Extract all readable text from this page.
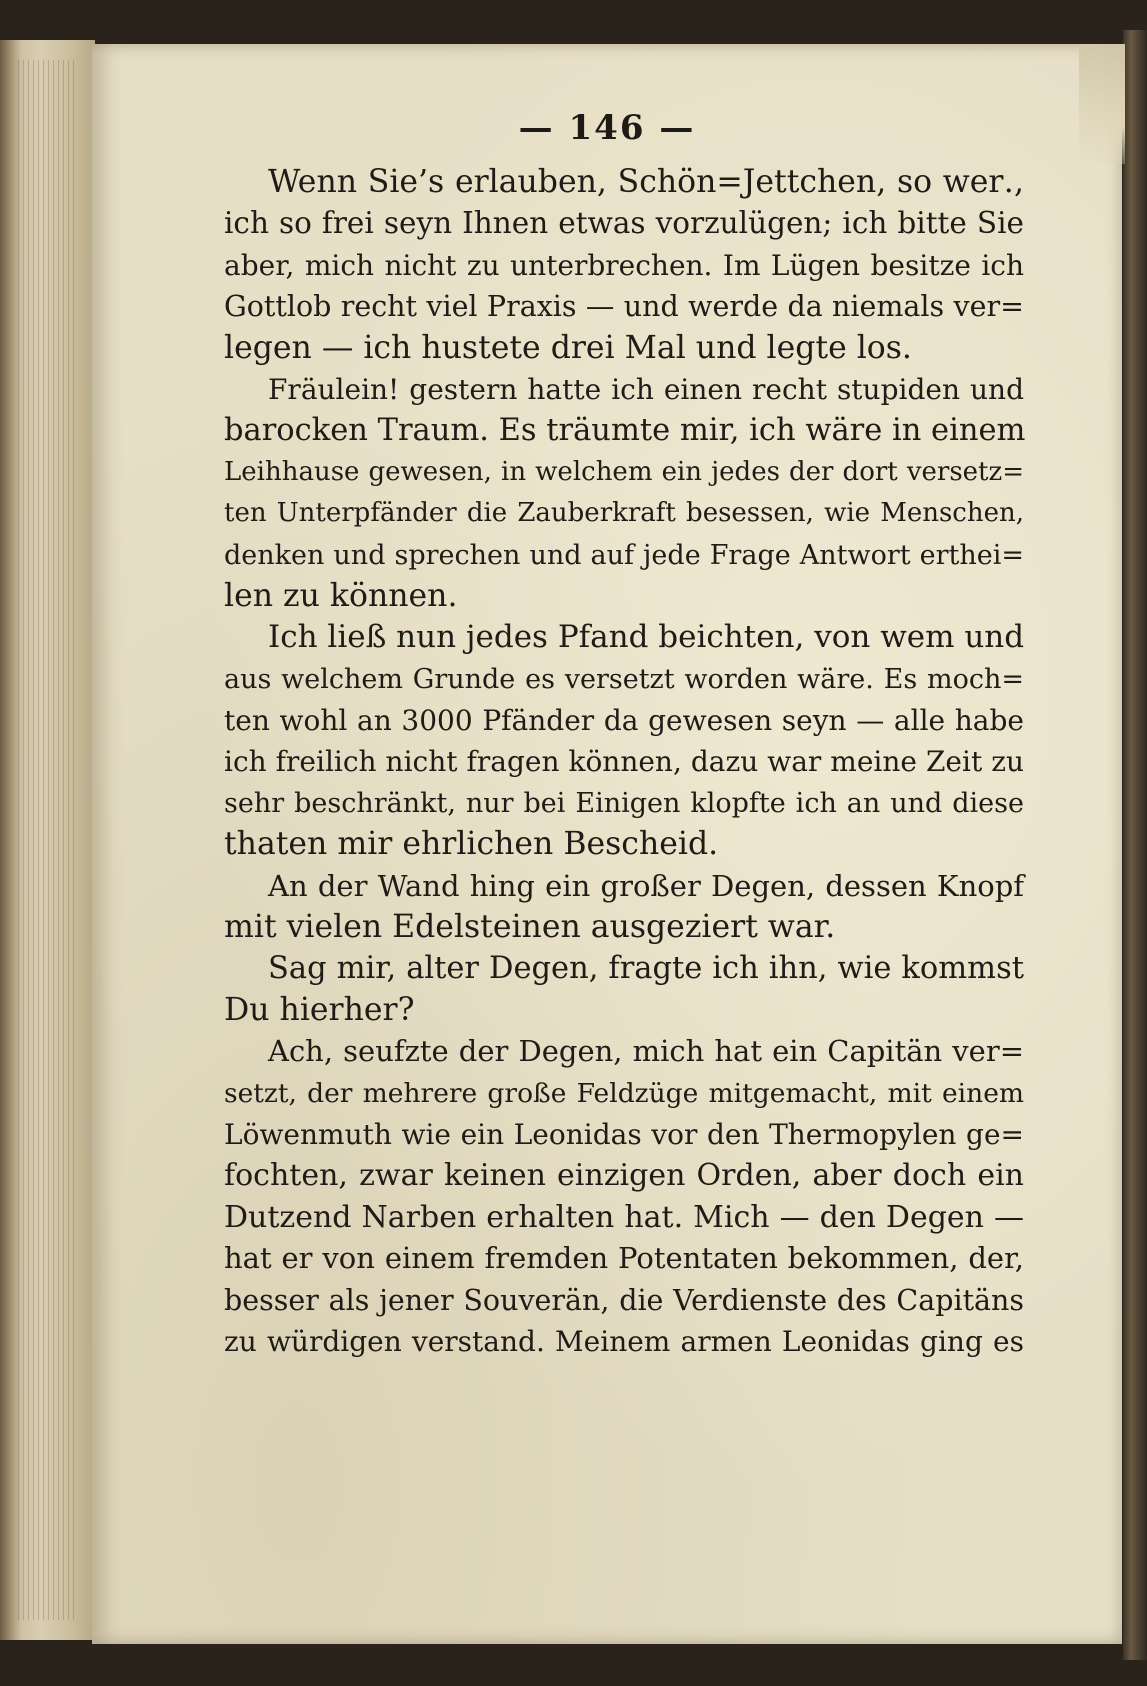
— 146 —
Wenn Sie’s erlauben, Schön=Jettchen, so wer․,
ich so frei seyn Ihnen etwas vorzulügen; ich bitte Sie
aber, mich nicht zu unterbrechen. Im Lügen besitze ich
Gottlob recht viel Praxis — und werde da niemals ver=
legen — ich hustete drei Mal und legte los.
Fräulein! gestern hatte ich einen recht stupiden und
barocken Traum. Es träumte mir, ich wäre in einem
Leihhause gewesen, in welchem ein jedes der dort versetz=
ten Unterpfänder die Zauberkraft besessen, wie Menschen,
denken und sprechen und auf jede Frage Antwort erthei=
len zu können.
Ich ließ nun jedes Pfand beichten, von wem und
aus welchem Grunde es versetzt worden wäre. Es moch=
ten wohl an 3000 Pfänder da gewesen seyn — alle habe
ich freilich nicht fragen können, dazu war meine Zeit zu
sehr beschränkt, nur bei Einigen klopfte ich an und diese
thaten mir ehrlichen Bescheid.
An der Wand hing ein großer Degen, dessen Knopf
mit vielen Edelsteinen ausgeziert war.
Sag mir, alter Degen, fragte ich ihn, wie kommst
Du hierher?
Ach, seufzte der Degen, mich hat ein Capitän ver=
setzt, der mehrere große Feldzüge mitgemacht, mit einem
Löwenmuth wie ein Leonidas vor den Thermopylen ge=
fochten, zwar keinen einzigen Orden, aber doch ein
Dutzend Narben erhalten hat. Mich — den Degen —
hat er von einem fremden Potentaten bekommen, der,
besser als jener Souverän, die Verdienste des Capitäns
zu würdigen verstand. Meinem armen Leonidas ging es
